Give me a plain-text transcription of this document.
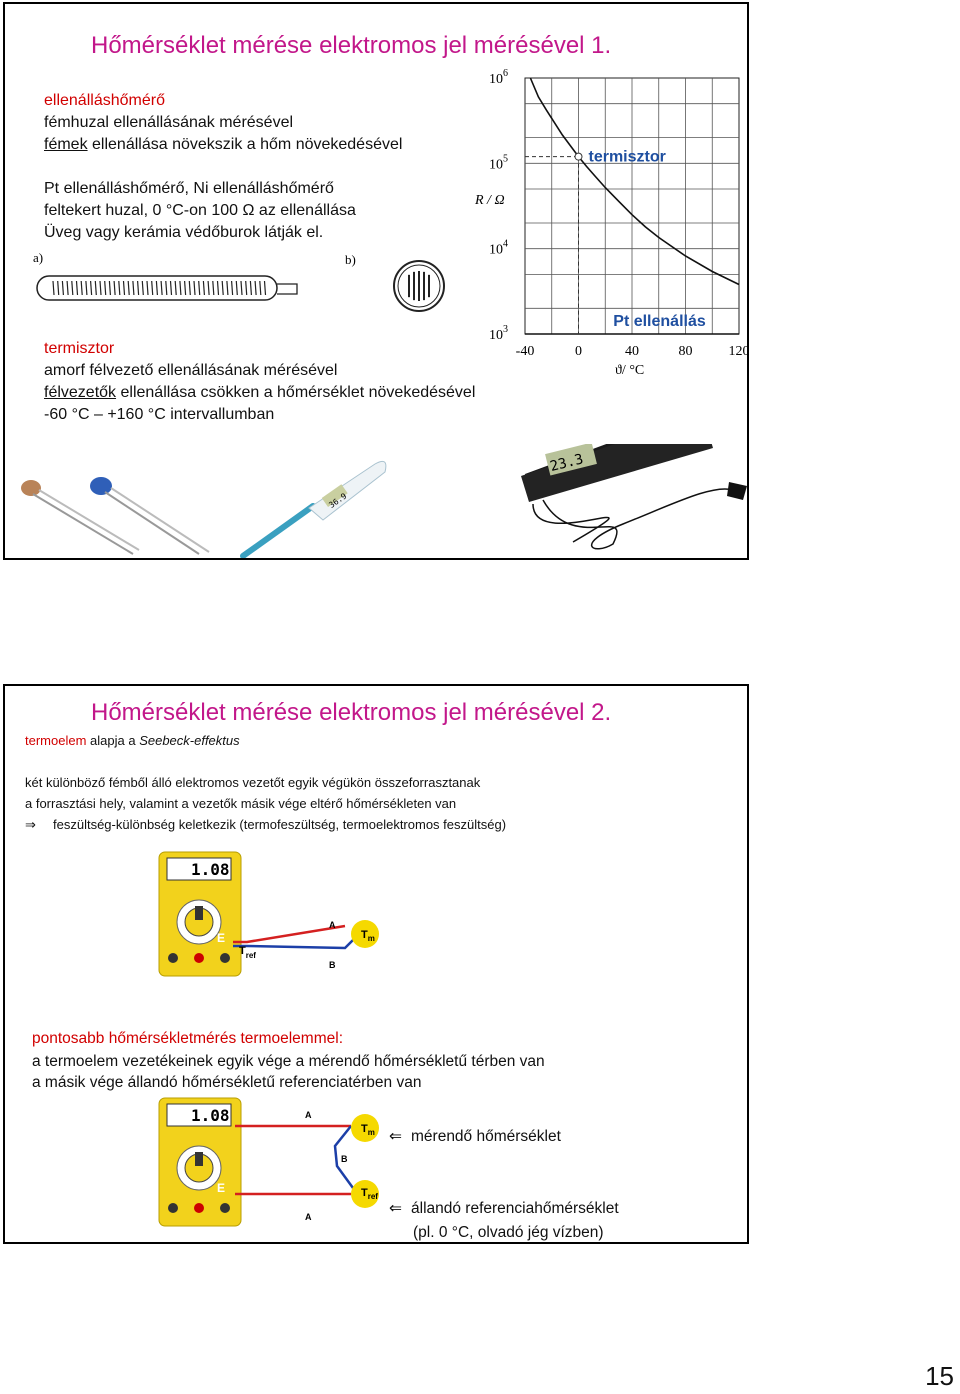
Hőmérséklet mérése elektromos jel mérésével 1.
ellenálláshőmérő
fémhuzal ellenállásának mérésével
fémek ellenállása növekszik a hőm növekedésével
Pt ellenálláshőmérő, Ni ellenálláshőmérő
feltekert huzal, 0 °C-on 100 Ω az ellenállása
Üveg vagy kerámia védőburok látják el.
a)	b)
termisztor
amorf félvezető ellenállásának mérésével
félvezetők ellenállása csökken a hőmérséklet növekedésével
-60 °C – +160 °C intervallumban
$10^3$
$10^4$
$10^5$
$10^6$
-40	0	40	80	120
R / Ω
ϑ/ °C
termisztor
Pt ellenállás
36.9
23.3
Hőmérséklet mérése elektromos jel mérésével 2.
termoelem alapja a Seebeck-effektus
két különböző fémből álló elektromos vezetőt egyik végükön összeforrasztanak
a forrasztási hely, valamint a vezetők másik vége eltérő hőmérsékleten van
⇒ feszültség-különbség keletkezik (termofeszültség, termoelektromos feszültség)
1.08
E
A
B
$T_{ref}$
$T_m$
pontosabb hőmérsékletmérés termoelemmel:
a termoelem vezetékeinek egyik vége a mérendő hőmérsékletű térben van
a másik vége állandó hőmérsékletű referenciatérben van
1.08
E
A
B
A
$T_m$
$T_{ref}$
⇐ mérendő hőmérséklet
⇐ állandó referenciahőmérséklet
(pl. 0 °C, olvadó jég vízben)
15
